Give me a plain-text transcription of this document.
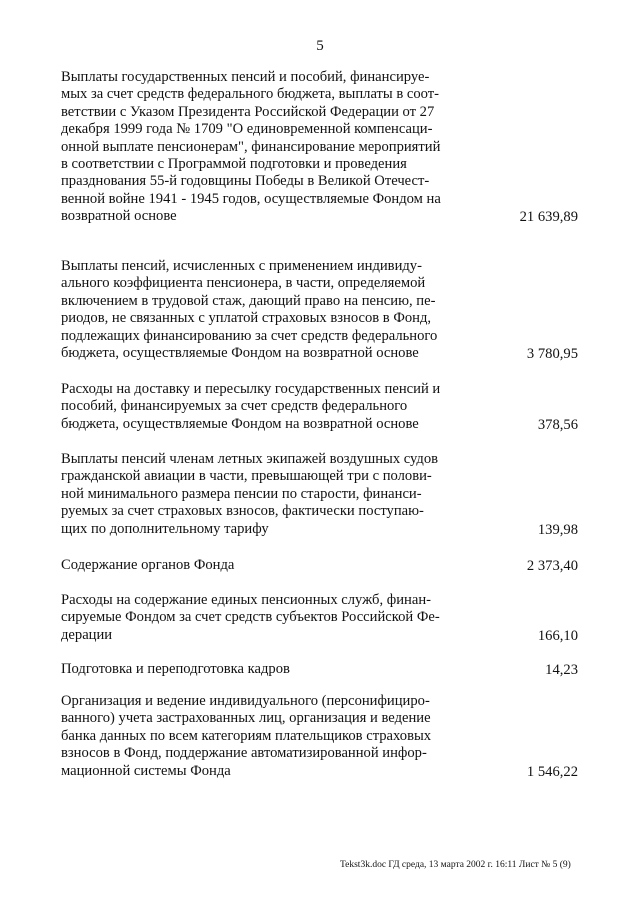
5
Выплаты государственных пенсий и пособий, финансируе-
мых за счет средств федерального бюджета, выплаты в соот-
ветствии с Указом Президента Российской Федерации от 27
декабря 1999 года № 1709 "О единовременной компенсаци-
онной выплате пенсионерам", финансирование мероприятий
в соответствии с Программой подготовки и проведения
празднования 55-й годовщины Победы в Великой Отечест-
венной войне 1941 - 1945 годов, осуществляемые Фондом на
возвратной основе	21 639,89
Выплаты пенсий, исчисленных с применением индивиду-
ального коэффициента пенсионера, в части, определяемой
включением в трудовой стаж, дающий право на пенсию, пе-
риодов, не связанных с уплатой страховых взносов в Фонд,
подлежащих финансированию за счет средств федерального
бюджета, осуществляемые Фондом на возвратной основе	3 780,95
Расходы на доставку и пересылку государственных пенсий и
пособий, финансируемых за счет средств федерального
бюджета, осуществляемые Фондом на возвратной основе	378,56
Выплаты пенсий членам летных экипажей воздушных судов
гражданской авиации в части, превышающей три с полови-
ной минимального размера пенсии по старости, финанси-
руемых за счет страховых взносов, фактически поступаю-
щих по дополнительному тарифу	139,98
Содержание органов Фонда	2 373,40
Расходы на содержание единых пенсионных служб, финан-
сируемые Фондом за счет средств субъектов Российской Фе-
дерации	166,10
Подготовка и переподготовка кадров	14,23
Организация и ведение индивидуального (персонифициро-
ванного) учета застрахованных лиц, организация и ведение
банка данных по всем категориям плательщиков страховых
взносов в Фонд, поддержание автоматизированной инфор-
мационной системы Фонда	1 546,22
Tekst3k.doc ГД среда, 13 марта 2002 г. 16:11 Лист № 5 (9)
